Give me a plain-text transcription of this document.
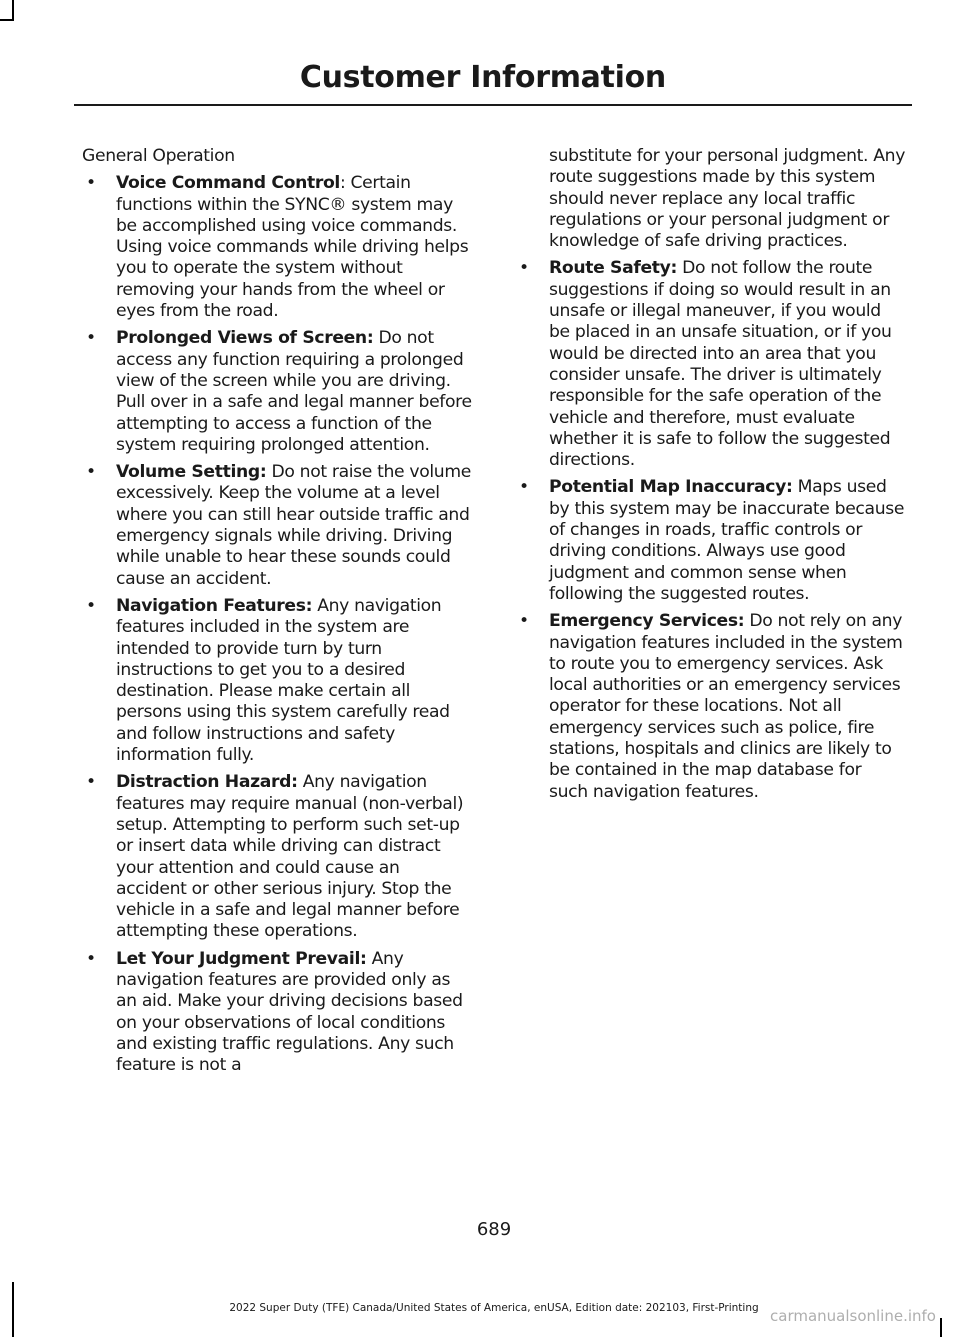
Customer Information

General Operation

• Voice Command Control: Certain functions within the SYNC® system may be accomplished using voice commands. Using voice commands while driving helps you to operate the system without removing your hands from the wheel or eyes from the road.
• Prolonged Views of Screen: Do not access any function requiring a prolonged view of the screen while you are driving. Pull over in a safe and legal manner before attempting to access a function of the system requiring prolonged attention.
• Volume Setting: Do not raise the volume excessively. Keep the volume at a level where you can still hear outside traffic and emergency signals while driving. Driving while unable to hear these sounds could cause an accident.
• Navigation Features: Any navigation features included in the system are intended to provide turn by turn instructions to get you to a desired destination. Please make certain all persons using this system carefully read and follow instructions and safety information fully.
• Distraction Hazard: Any navigation features may require manual (non-verbal) setup. Attempting to perform such set-up or insert data while driving can distract your attention and could cause an accident or other serious injury. Stop the vehicle in a safe and legal manner before attempting these operations.
• Let Your Judgment Prevail: Any navigation features are provided only as an aid. Make your driving decisions based on your observations of local conditions and existing traffic regulations. Any such feature is not a

substitute for your personal judgment. Any route suggestions made by this system should never replace any local traffic regulations or your personal judgment or knowledge of safe driving practices.

• Route Safety: Do not follow the route suggestions if doing so would result in an unsafe or illegal maneuver, if you would be placed in an unsafe situation, or if you would be directed into an area that you consider unsafe. The driver is ultimately responsible for the safe operation of the vehicle and therefore, must evaluate whether it is safe to follow the suggested directions.
• Potential Map Inaccuracy: Maps used by this system may be inaccurate because of changes in roads, traffic controls or driving conditions. Always use good judgment and common sense when following the suggested routes.
• Emergency Services: Do not rely on any navigation features included in the system to route you to emergency services. Ask local authorities or an emergency services operator for these locations. Not all emergency services such as police, fire stations, hospitals and clinics are likely to be contained in the map database for such navigation features.
689
2022 Super Duty (TFE) Canada/United States of America, enUSA, Edition date: 202103, First-Printing carmanualsonline.info
